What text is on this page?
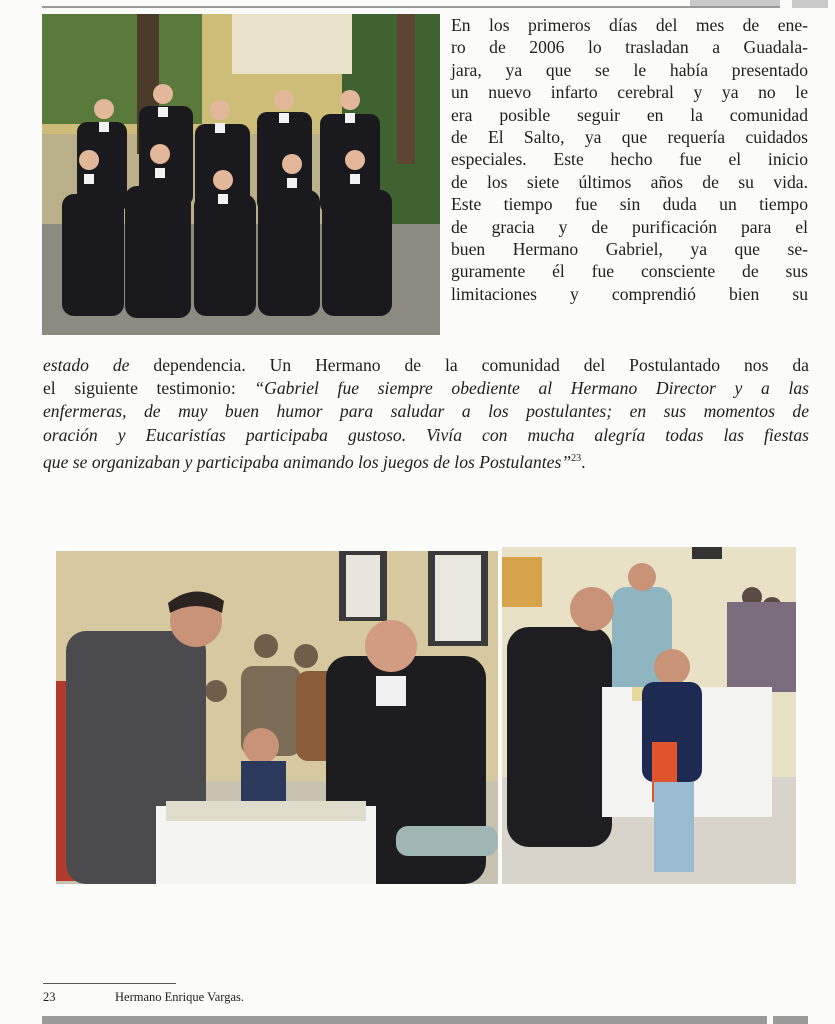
En los primeros días del mes de ene-
ro de 2006 lo trasladan a Guadala-
jara, ya que se le había presentado
un nuevo infarto cerebral y ya no le
era posible seguir en la comunidad
de El Salto, ya que requería cuidados
especiales. Este hecho fue el inicio
de los siete últimos años de su vida.
Este tiempo fue sin duda un tiempo
de gracia y de purificación para el
buen Hermano Gabriel, ya que se-
guramente él fue consciente de sus
limitaciones y comprendió bien su
estado de dependencia. Un Hermano de la comunidad del Postulantado nos da
el siguiente testimonio: “Gabriel fue siempre obediente al Hermano Director y a las
enfermeras, de muy buen humor para saludar a los postulantes; en sus momentos de
oración y Eucaristías participaba gustoso. Vivía con mucha alegría todas las fiestas
que se organizaban y participaba animando los juegos de los Postulantes”$^{23}$.
23	Hermano Enrique Vargas.
